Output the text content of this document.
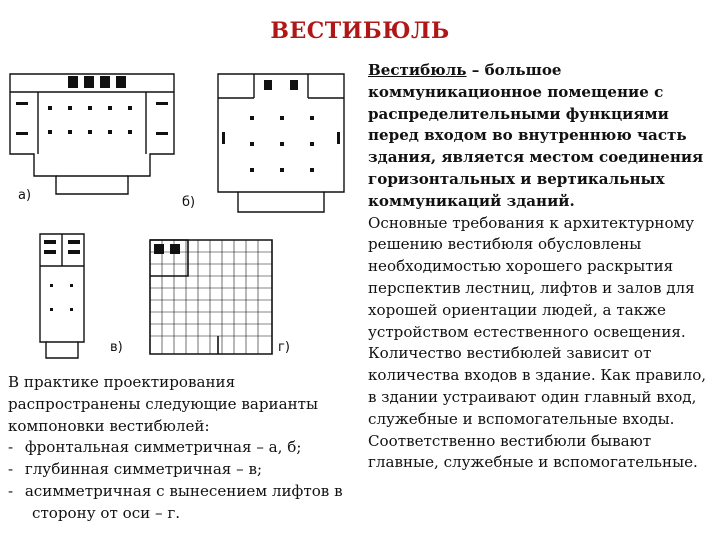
ВЕСТИБЮЛЬ
а)	б)
в)	г)
Вестибюль – большое коммуникационное помещение с распределительными функциями перед входом во внутреннюю часть здания, является местом соединения горизонтальных и вертикальных коммуникаций зданий.
Основные требования к архитектурному решению вестибюля обусловлены необходимостью хорошего раскрытия перспектив лестниц, лифтов и залов для хорошей ориентации людей, а также устройством естественного освещения. Количество вестибюлей зависит от количества входов в здание. Как правило, в здании устраивают один главный вход, служебные и вспомогательные входы. Соответственно вестибюли бывают главные, служебные и вспомогательные.
В практике проектирования распространены следующие варианты компоновки вестибюлей:
- фронтальная симметричная – а, б;
- глубинная симметричная – в;
- асимметричная с вынесением лифтов в сторону от оси – г.
